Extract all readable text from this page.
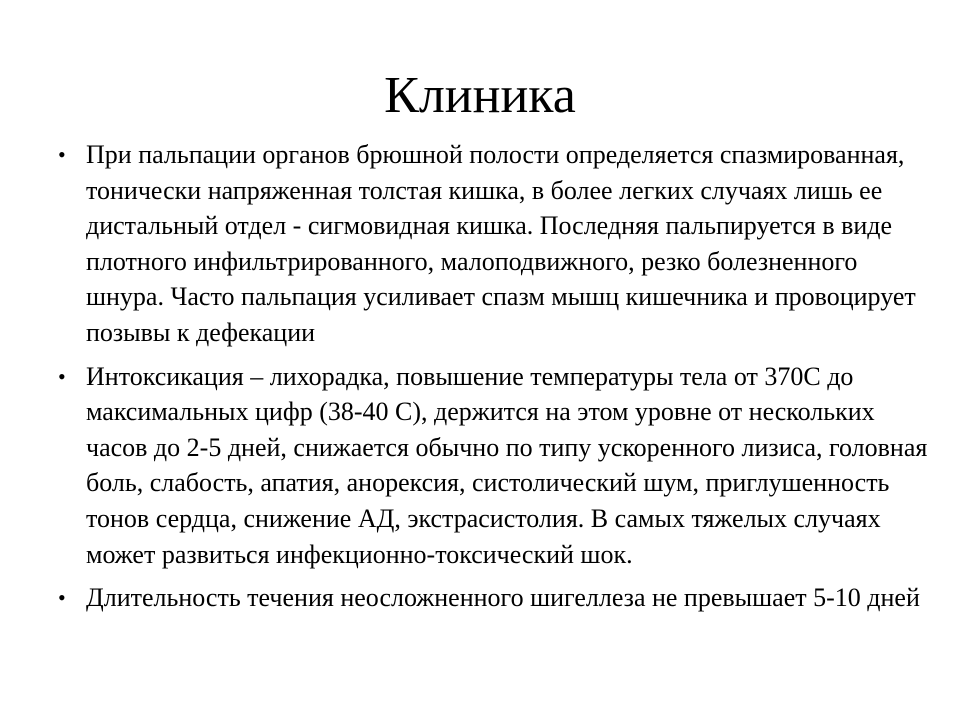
Клиника
• При пальпации органов брюшной полости определяется спазмированная, тонически напряженная толстая кишка, в более легких случаях лишь ее дистальный отдел - сигмовидная кишка. Последняя пальпируется в виде плотного инфильтрированного, малоподвижного, резко болезненного шнура. Часто пальпация усиливает спазм мышц кишечника и провоцирует позывы к дефекации
• Интоксикация – лихорадка, повышение температуры тела от 370С до максимальных цифр (38-40 С), держится на этом уровне от нескольких часов до 2-5 дней, снижается обычно по типу ускоренного лизиса, головная боль, слабость, апатия, анорексия, систолический шум, приглушенность тонов сердца, снижение АД, экстрасистолия. В самых тяжелых случаях может развиться инфекционно-токсический шок.
• Длительность течения неосложненного шигеллеза не превышает 5-10 дней
